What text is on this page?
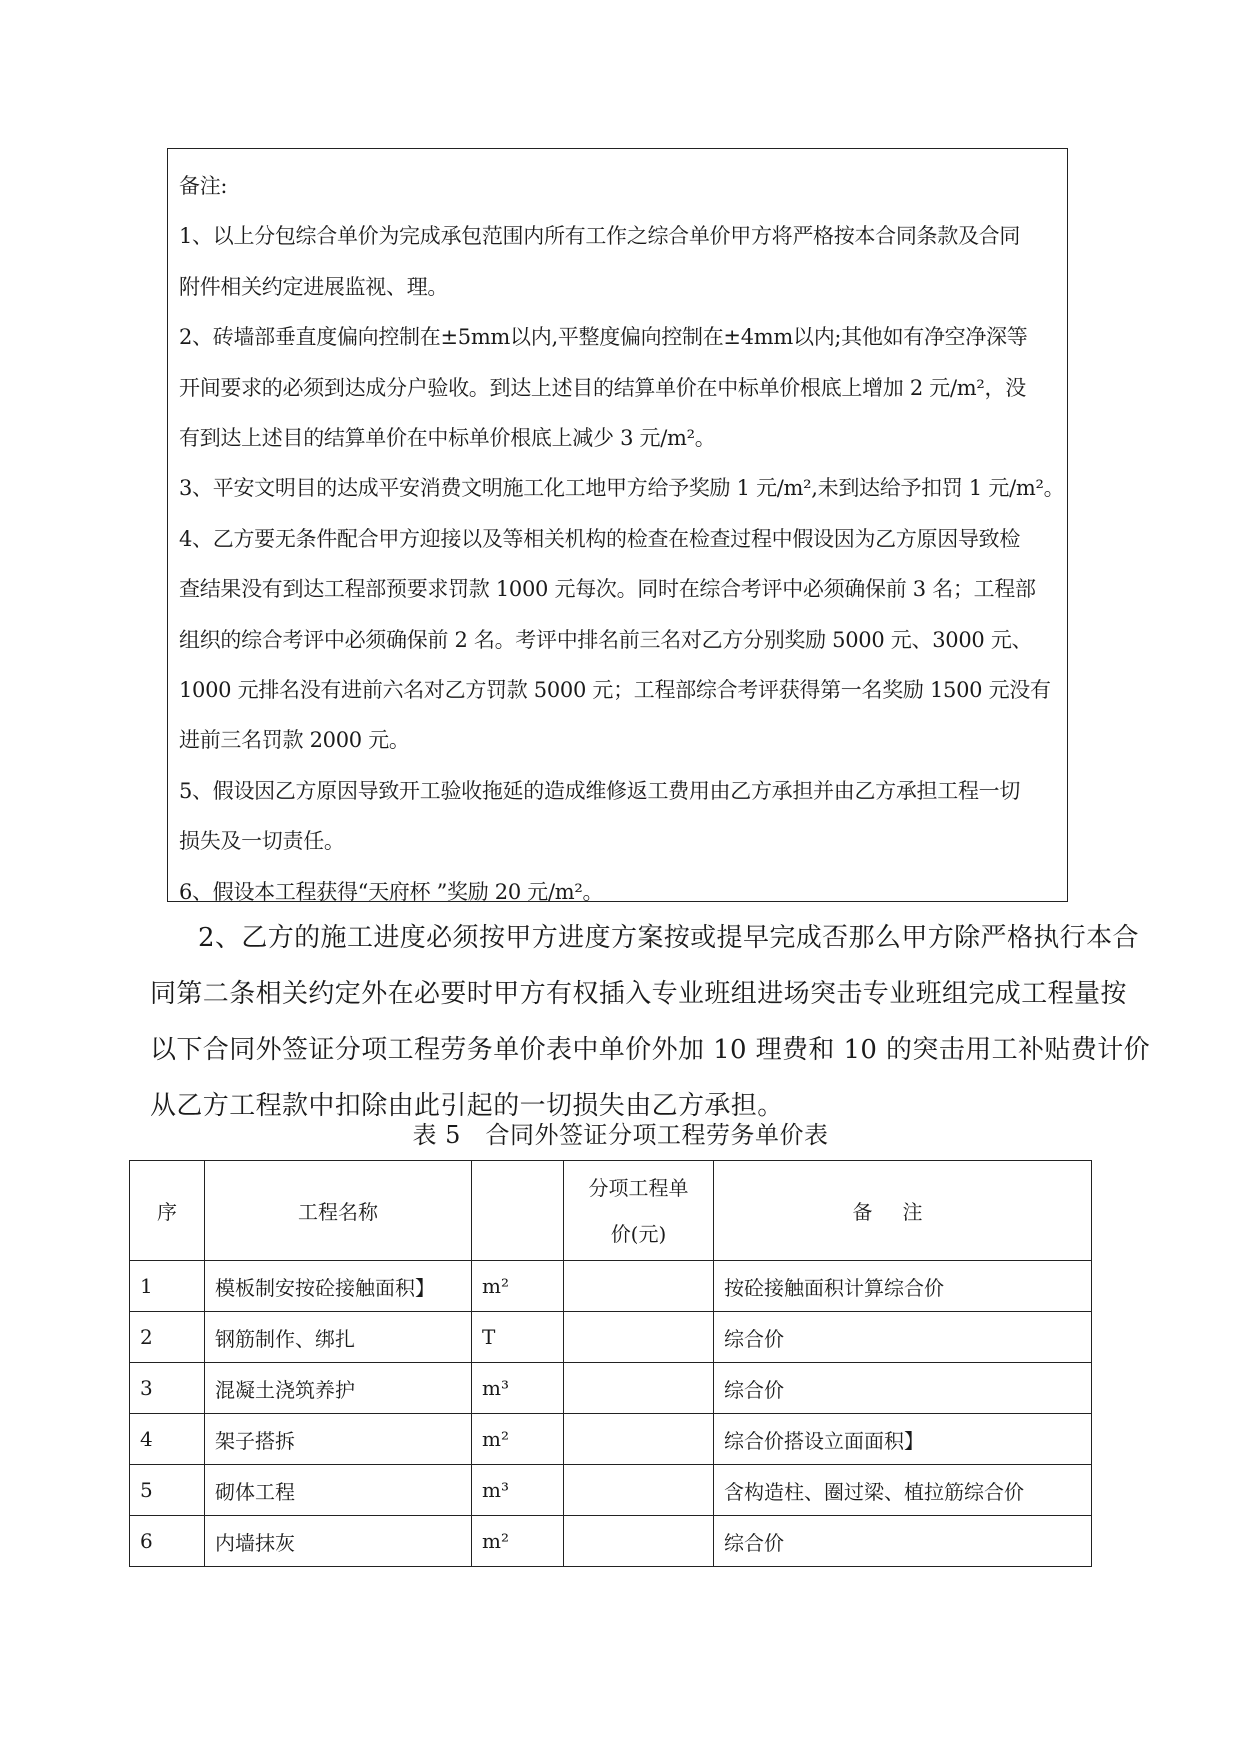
备注:
1、以上分包综合单价为完成承包范围内所有工作之综合单价甲方将严格按本合同条款及合同
附件相关约定进展监视、理。
2、砖墙部垂直度偏向控制在±5mm以内,平整度偏向控制在±4mm以内;其他如有净空净深等
开间要求的必须到达成分户验收。到达上述目的结算单价在中标单价根底上增加 2 元/m²，没
有到达上述目的结算单价在中标单价根底上减少 3 元/m²。
3、平安文明目的达成平安消费文明施工化工地甲方给予奖励 1 元/m²,未到达给予扣罚 1 元/m²。
4、乙方要无条件配合甲方迎接以及等相关机构的检查在检查过程中假设因为乙方原因导致检
查结果没有到达工程部预要求罚款 1000 元每次。同时在综合考评中必须确保前 3 名；工程部
组织的综合考评中必须确保前 2 名。考评中排名前三名对乙方分别奖励 5000 元、3000 元、
1000 元排名没有进前六名对乙方罚款 5000 元；工程部综合考评获得第一名奖励 1500 元没有
进前三名罚款 2000 元。
5、假设因乙方原因导致开工验收拖延的造成维修返工费用由乙方承担并由乙方承担工程一切
损失及一切责任。
6、假设本工程获得“天府杯 ”奖励 20 元/m²。
2、乙方的施工进度必须按甲方进度方案按或提早完成否那么甲方除严格执行本合
同第二条相关约定外在必要时甲方有权插入专业班组进场突击专业班组完成工程量按
以下合同外签证分项工程劳务单价表中单价外加 10 理费和 10 的突击用工补贴费计价
从乙方工程款中扣除由此引起的一切损失由乙方承担。
表 5　合同外签证分项工程劳务单价表
序	工程名称		分项工程单
价(元)	备注
1	模板制安按砼接触面积】	m²		按砼接触面积计算综合价
2	钢筋制作、绑扎	T		综合价
3	混凝土浇筑养护	m³		综合价
4	架子搭拆	m²		综合价搭设立面面积】
5	砌体工程	m³		含构造柱、圈过梁、植拉筋综合价
6	内墙抹灰	m²		综合价
